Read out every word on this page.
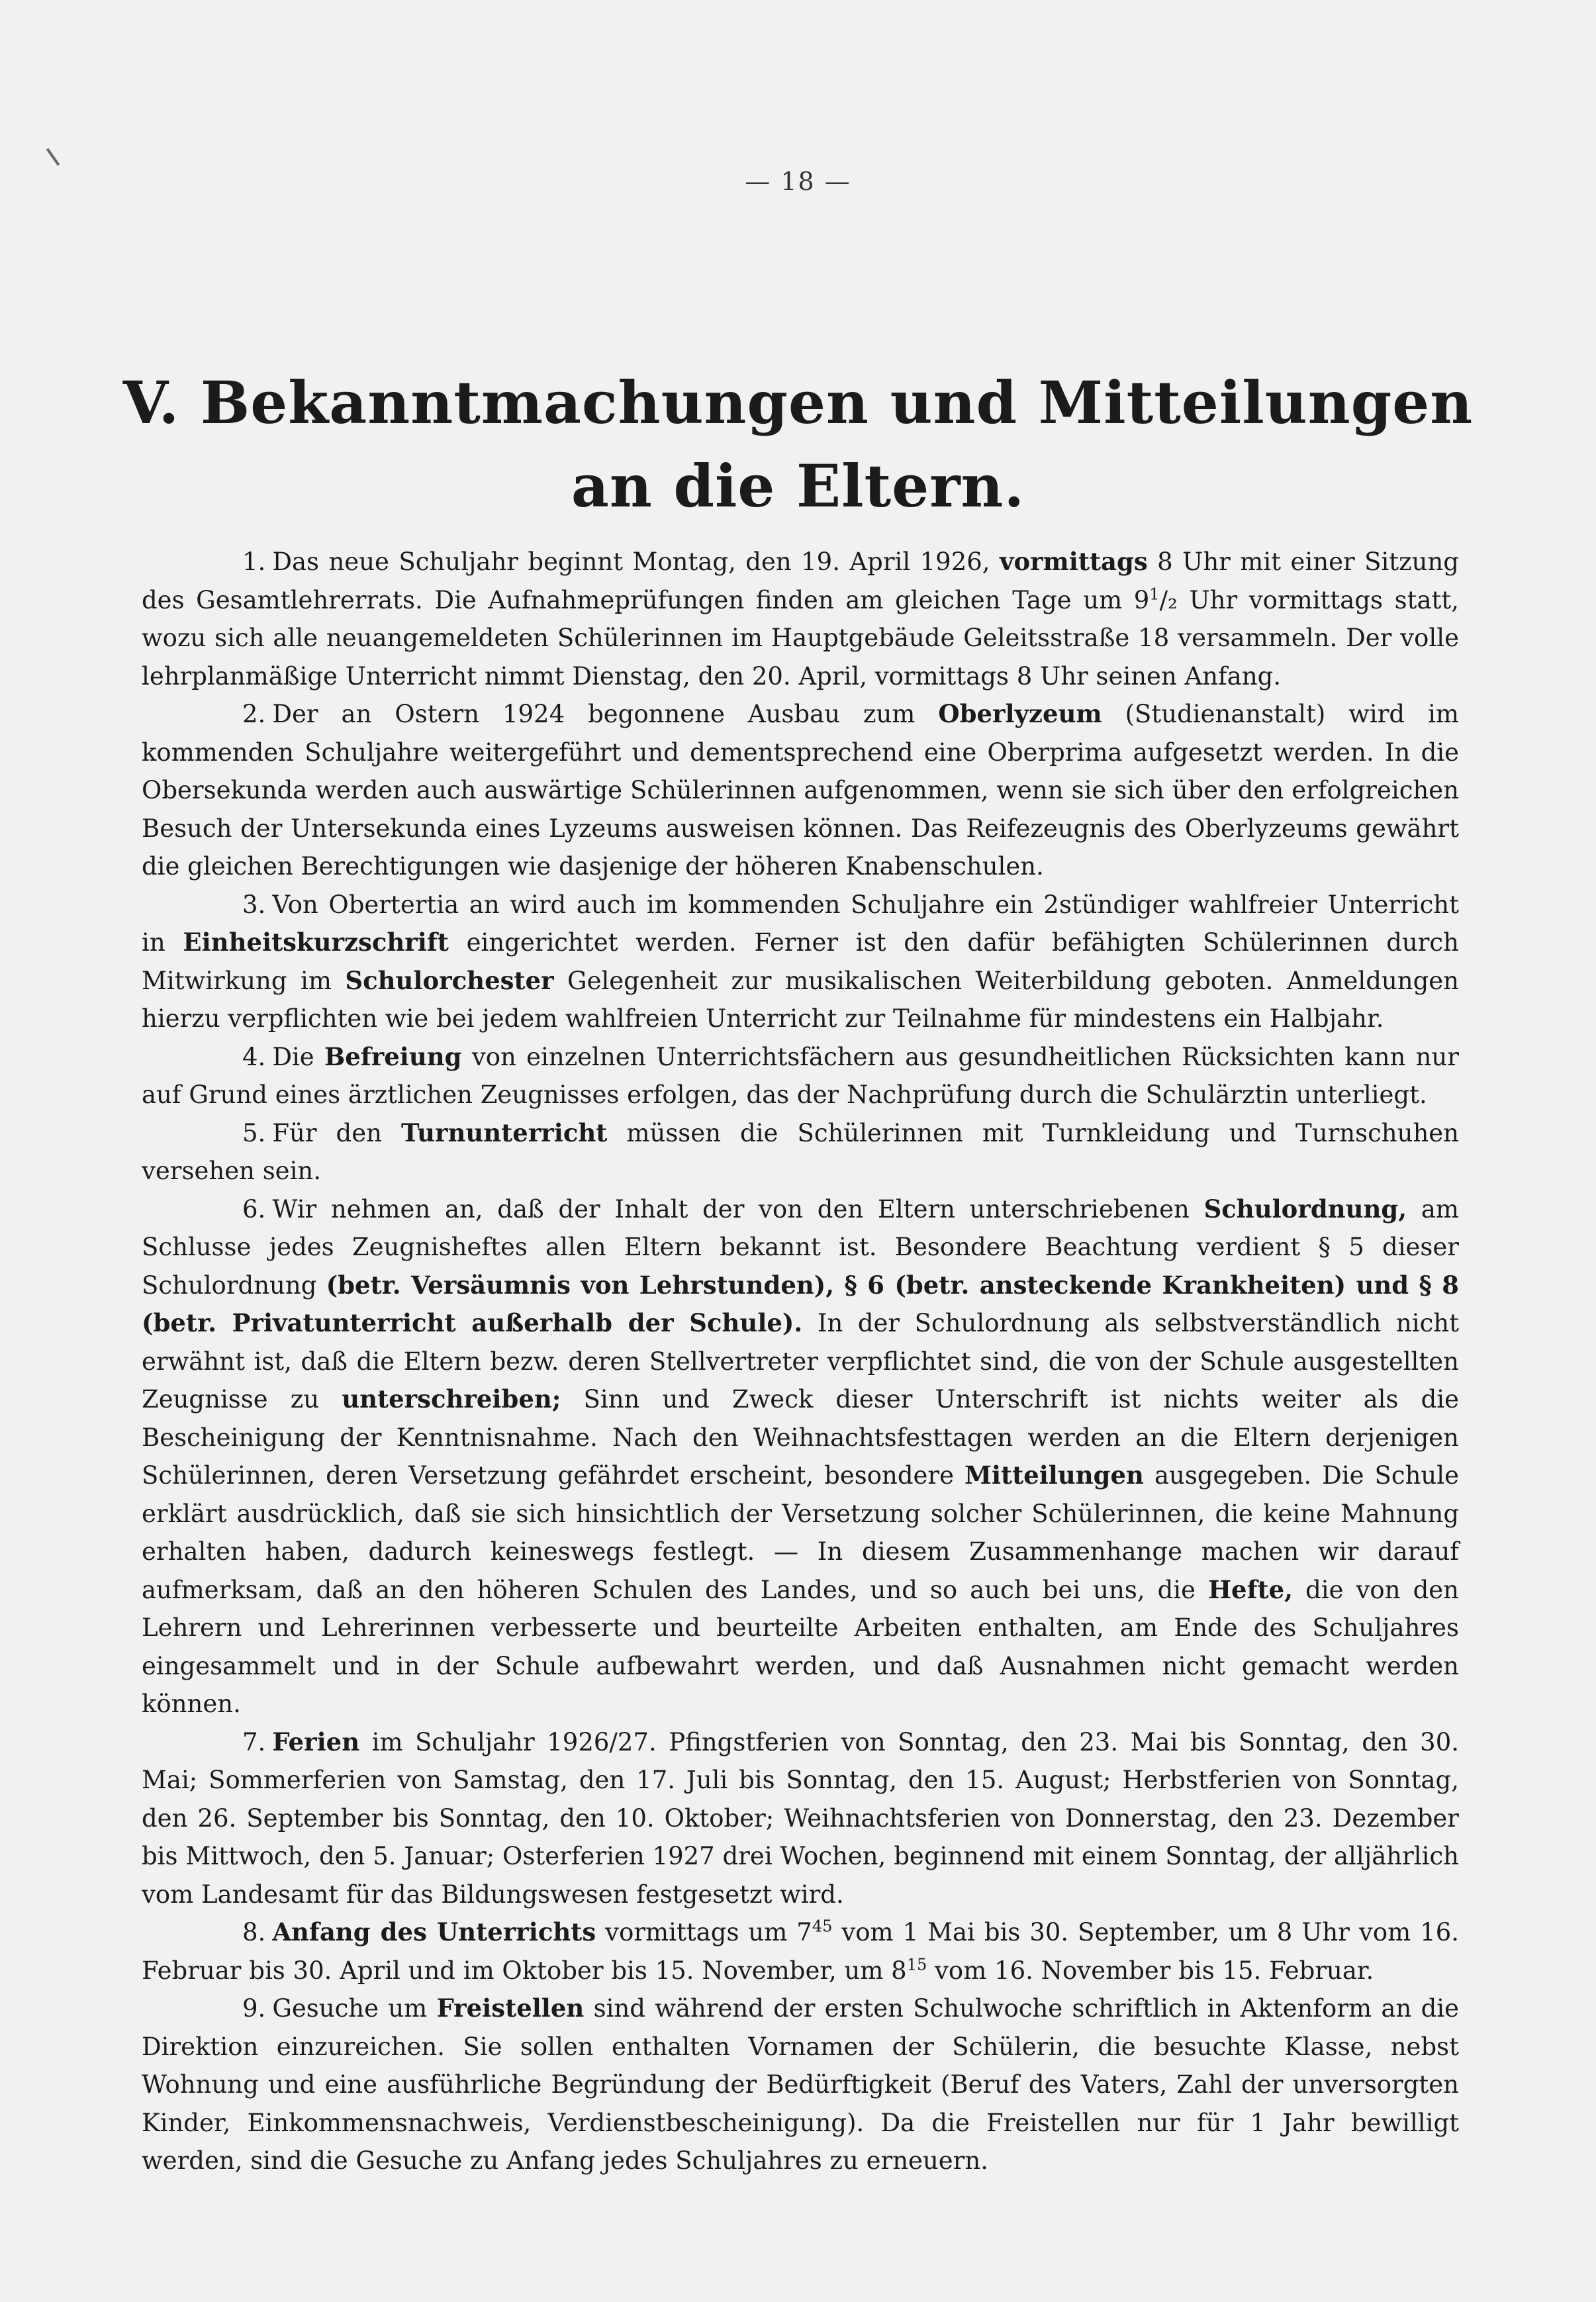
— 18 —
V. Bekanntmachungen und Mitteilungen
an die Eltern.

1. Das neue Schuljahr beginnt Montag, den 19. April 1926, vormittags 8 Uhr mit einer Sitzung des Gesamtlehrerrats. Die Aufnahmeprüfungen finden am gleichen Tage um $9^1/_2$ Uhr vormittags statt, wozu sich alle neuangemeldeten Schülerinnen im Hauptgebäude Geleitsstraße 18 versammeln. Der volle lehrplanmäßige Unterricht nimmt Dienstag, den 20. April, vormittags 8 Uhr seinen Anfang.

2. Der an Ostern 1924 begonnene Ausbau zum Oberlyzeum (Studienanstalt) wird im kommenden Schuljahre weitergeführt und dementsprechend eine Oberprima aufgesetzt werden. In die Obersekunda werden auch auswärtige Schülerinnen aufgenommen, wenn sie sich über den erfolgreichen Besuch der Untersekunda eines Lyzeums ausweisen können. Das Reifezeugnis des Oberlyzeums gewährt die gleichen Berechtigungen wie dasjenige der höheren Knabenschulen.

3. Von Obertertia an wird auch im kommenden Schuljahre ein 2stündiger wahlfreier Unterricht in Einheitskurzschrift eingerichtet werden. Ferner ist den dafür befähigten Schülerinnen durch Mitwirkung im Schulorchester Gelegenheit zur musikalischen Weiterbildung geboten. Anmeldungen hierzu verpflichten wie bei jedem wahlfreien Unterricht zur Teilnahme für mindestens ein Halbjahr.

4. Die Befreiung von einzelnen Unterrichtsfächern aus gesundheitlichen Rücksichten kann nur auf Grund eines ärztlichen Zeugnisses erfolgen, das der Nachprüfung durch die Schulärztin unterliegt.

5. Für den Turnunterricht müssen die Schülerinnen mit Turnkleidung und Turnschuhen versehen sein.

6. Wir nehmen an, daß der Inhalt der von den Eltern unterschriebenen Schulordnung, am Schlusse jedes Zeugnisheftes allen Eltern bekannt ist. Besondere Beachtung verdient § 5 dieser Schulordnung (betr. Versäumnis von Lehrstunden), § 6 (betr. ansteckende Krankheiten) und § 8 (betr. Privatunterricht außerhalb der Schule). In der Schulordnung als selbstverständlich nicht erwähnt ist, daß die Eltern bezw. deren Stellvertreter verpflichtet sind, die von der Schule ausgestellten Zeugnisse zu unterschreiben; Sinn und Zweck dieser Unterschrift ist nichts weiter als die Bescheinigung der Kenntnisnahme. Nach den Weihnachtsfesttagen werden an die Eltern derjenigen Schülerinnen, deren Versetzung gefährdet erscheint, besondere Mitteilungen ausgegeben. Die Schule erklärt ausdrücklich, daß sie sich hinsichtlich der Versetzung solcher Schülerinnen, die keine Mahnung erhalten haben, dadurch keineswegs festlegt. — In diesem Zusammenhange machen wir darauf aufmerksam, daß an den höheren Schulen des Landes, und so auch bei uns, die Hefte, die von den Lehrern und Lehrerinnen verbesserte und beurteilte Arbeiten enthalten, am Ende des Schuljahres eingesammelt und in der Schule aufbewahrt werden, und daß Ausnahmen nicht gemacht werden können.

7. Ferien im Schuljahr 1926/27. Pfingstferien von Sonntag, den 23. Mai bis Sonntag, den 30. Mai; Sommerferien von Samstag, den 17. Juli bis Sonntag, den 15. August; Herbstferien von Sonntag, den 26. September bis Sonntag, den 10. Oktober; Weihnachtsferien von Donnerstag, den 23. Dezember bis Mittwoch, den 5. Januar; Osterferien 1927 drei Wochen, beginnend mit einem Sonntag, der alljährlich vom Landesamt für das Bildungswesen festgesetzt wird.

8. Anfang des Unterrichts vormittags um $7^{45}$ vom 1 Mai bis 30. September, um 8 Uhr vom 16. Februar bis 30. April und im Oktober bis 15. November, um $8^{15}$ vom 16. November bis 15. Februar.

9. Gesuche um Freistellen sind während der ersten Schulwoche schriftlich in Aktenform an die Direktion einzureichen. Sie sollen enthalten Vornamen der Schülerin, die besuchte Klasse, nebst Wohnung und eine ausführliche Begründung der Bedürftigkeit (Beruf des Vaters, Zahl der unversorgten Kinder, Einkommensnachweis, Verdienstbescheinigung). Da die Freistellen nur für 1 Jahr bewilligt werden, sind die Gesuche zu Anfang jedes Schuljahres zu erneuern.
